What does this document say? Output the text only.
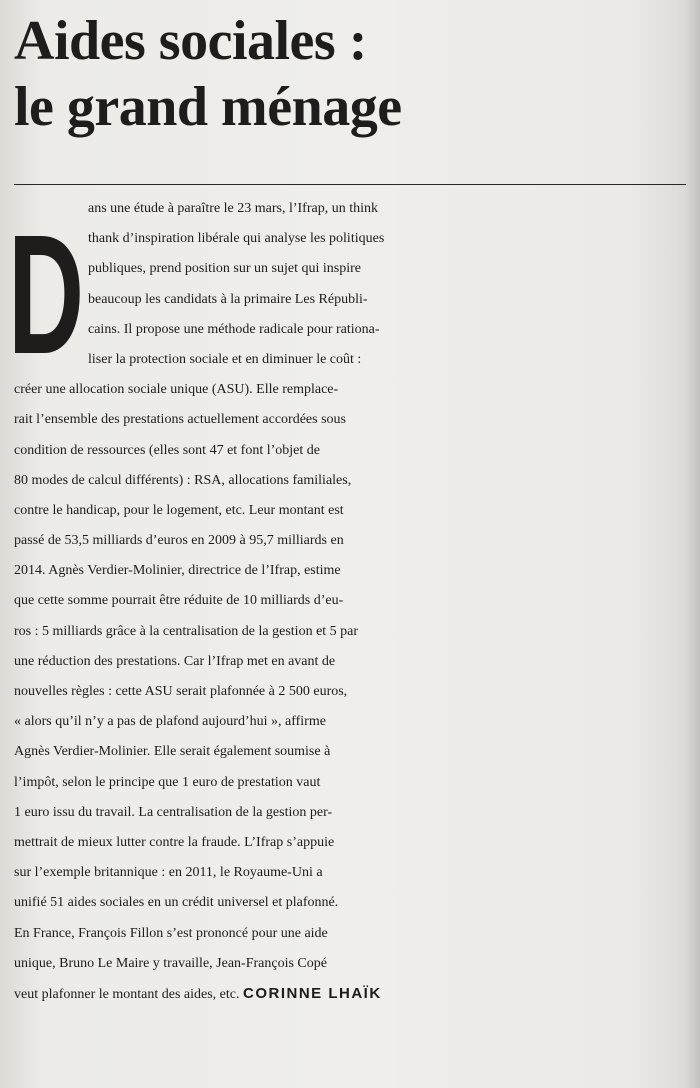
Aides sociales :
le grand ménage
D ans une étude à paraître le 23 mars, l’Ifrap, un think
thank d’inspiration libérale qui analyse les politiques
publiques, prend position sur un sujet qui inspire
beaucoup les candidats à la primaire Les Républi-
cains. Il propose une méthode radicale pour rationa-
liser la protection sociale et en diminuer le coût :
créer une allocation sociale unique (ASU). Elle remplace-
rait l’ensemble des prestations actuellement accordées sous
condition de ressources (elles sont 47 et font l’objet de
80 modes de calcul différents) : RSA, allocations familiales,
contre le handicap, pour le logement, etc. Leur montant est
passé de 53,5 milliards d’euros en 2009 à 95,7 milliards en
2014. Agnès Verdier-Molinier, directrice de l’Ifrap, estime
que cette somme pourrait être réduite de 10 milliards d’eu-
ros : 5 milliards grâce à la centralisation de la gestion et 5 par
une réduction des prestations. Car l’Ifrap met en avant de
nouvelles règles : cette ASU serait plafonnée à 2 500 euros,
« alors qu’il n’y a pas de plafond aujourd’hui », affirme
Agnès Verdier-Molinier. Elle serait également soumise à
l’impôt, selon le principe que 1 euro de prestation vaut
1 euro issu du travail. La centralisation de la gestion per-
mettrait de mieux lutter contre la fraude. L’Ifrap s’appuie
sur l’exemple britannique : en 2011, le Royaume-Uni a
unifié 51 aides sociales en un crédit universel et plafonné.
En France, François Fillon s’est prononcé pour une aide
unique, Bruno Le Maire y travaille, Jean-François Copé
veut plafonner le montant des aides, etc. CORINNE LHAÏK
